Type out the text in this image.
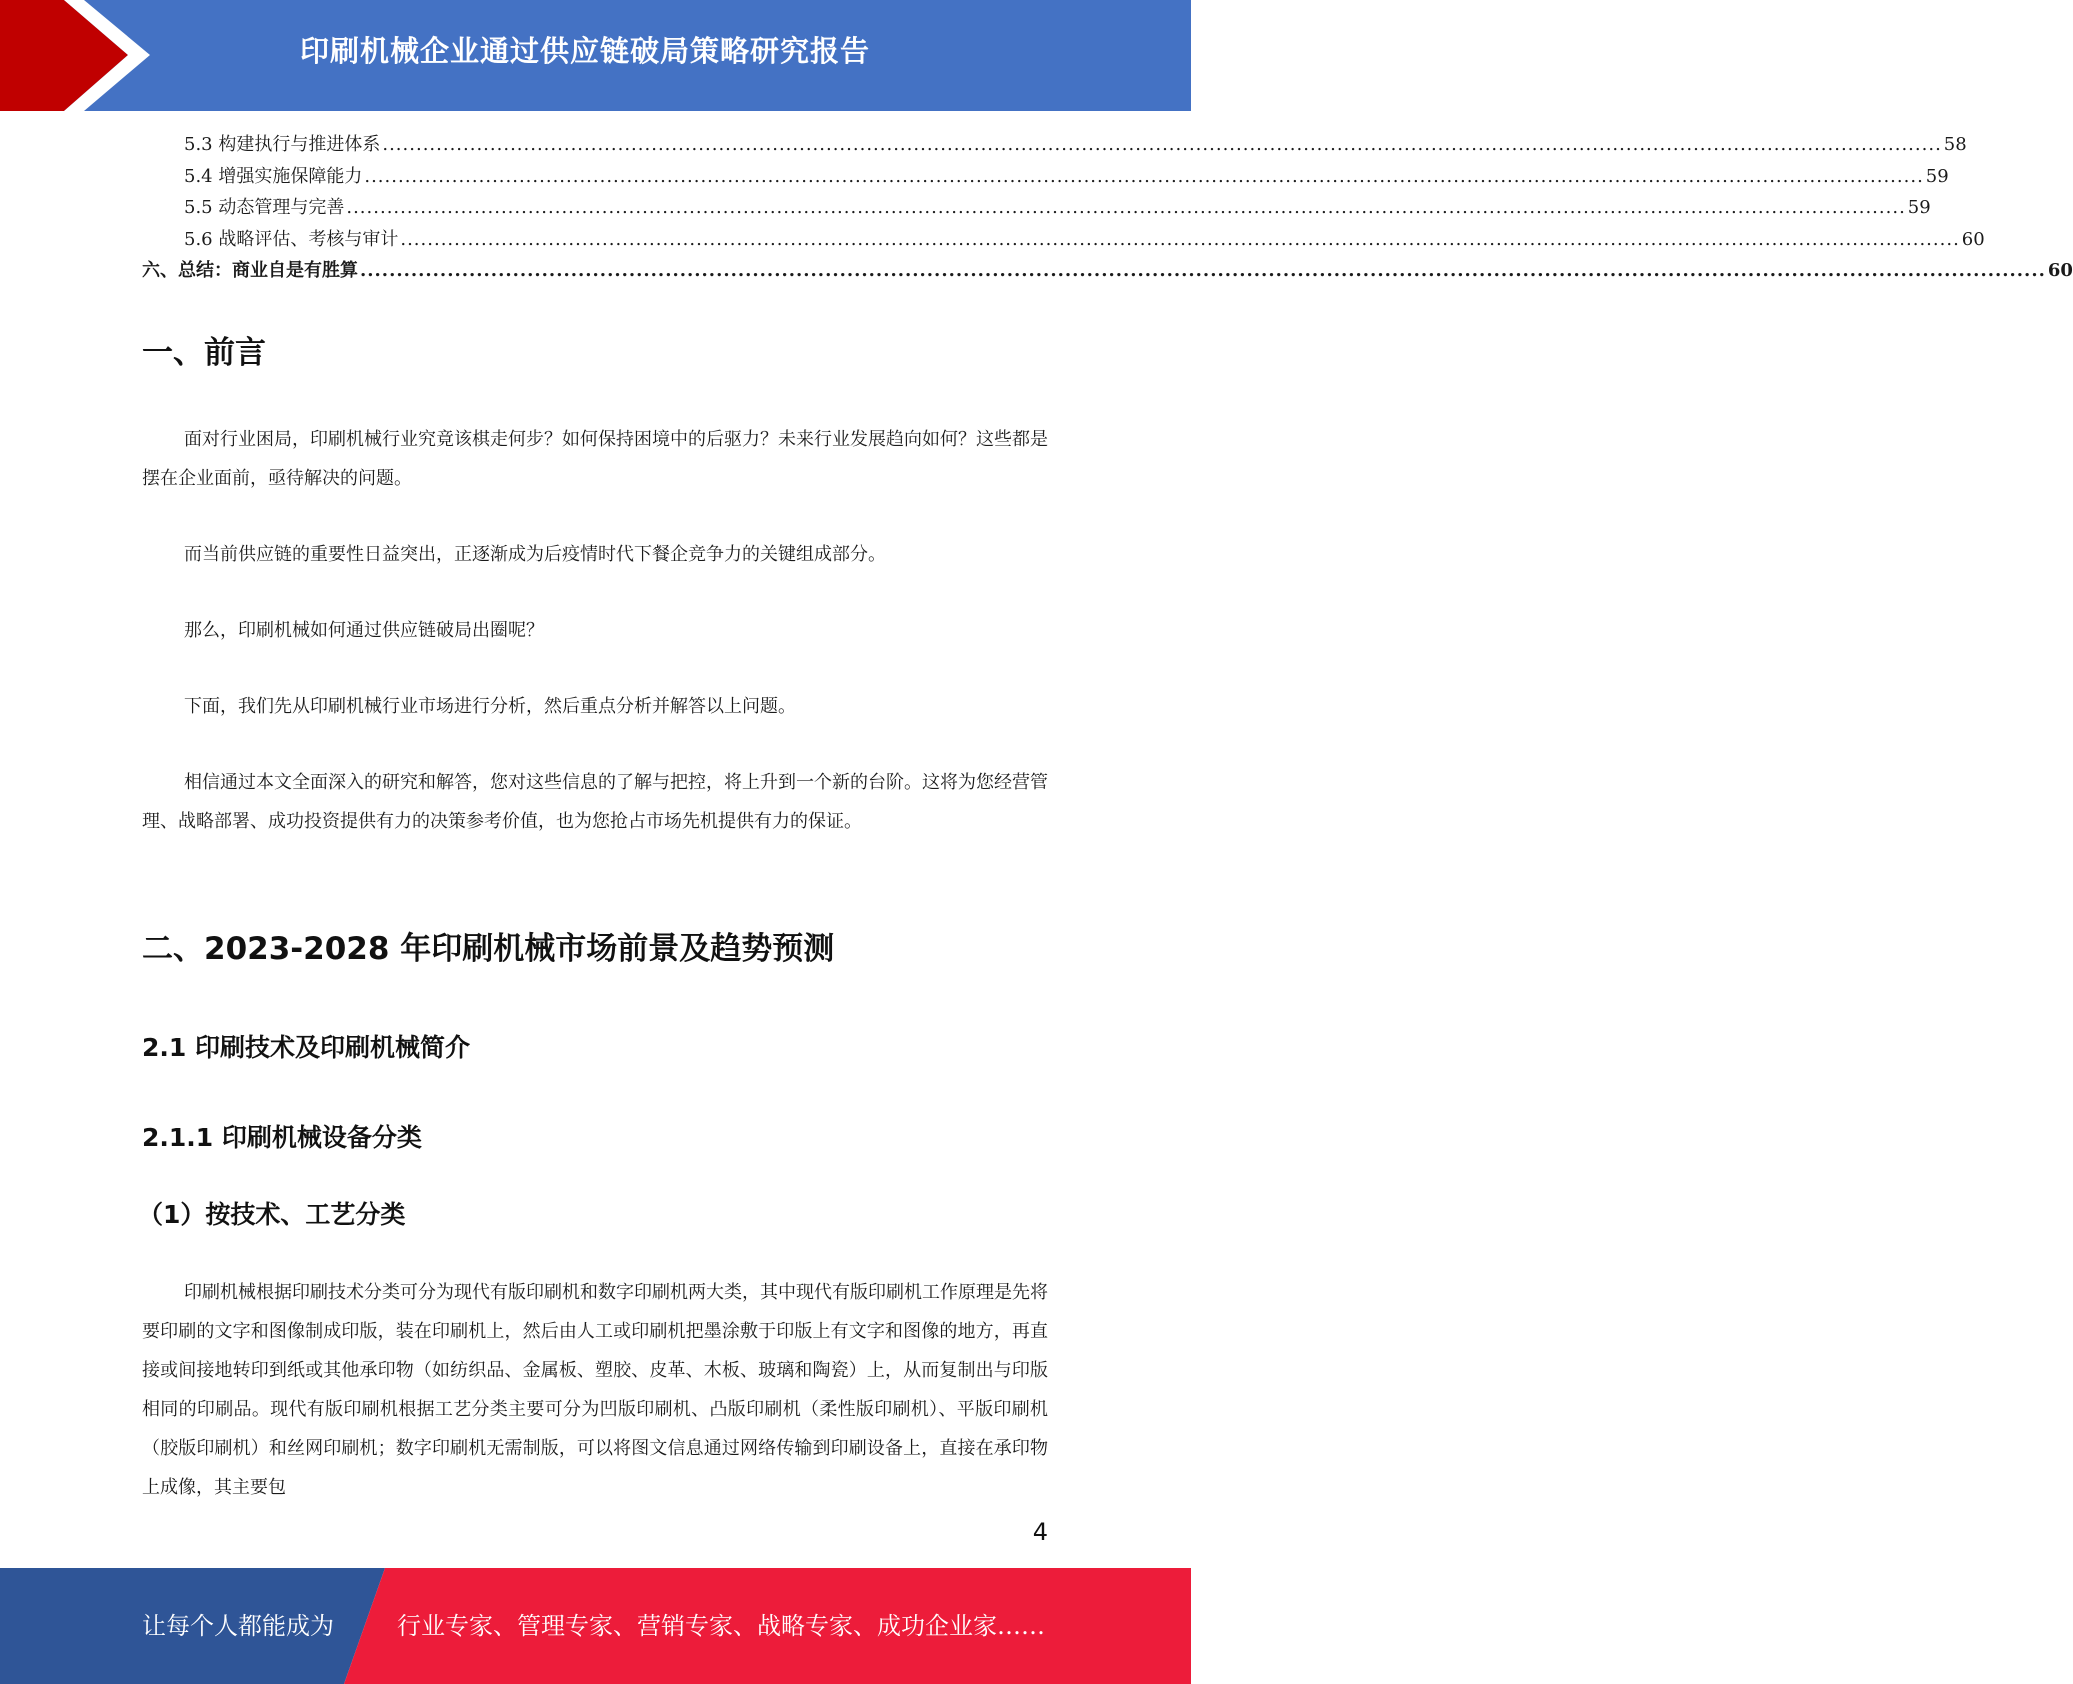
印刷机械企业通过供应链破局策略研究报告
5.3 构建执行与推进体系 ........................................................................................................................................................................................................................................ 58
5.4 增强实施保障能力 ........................................................................................................................................................................................................................................ 59
5.5 动态管理与完善 ........................................................................................................................................................................................................................................ 59
5.6 战略评估、考核与审计 ........................................................................................................................................................................................................................................ 60
六、总结：商业自是有胜算 ........................................................................................................................................................................................................................................ 60
一、前言

面对行业困局，印刷机械行业究竟该棋走何步？如何保持困境中的后驱力？未来行业发展趋向如何？这些都是摆在企业面前，亟待解决的问题。

而当前供应链的重要性日益突出，正逐渐成为后疫情时代下餐企竞争力的关键组成部分。

那么，印刷机械如何通过供应链破局出圈呢？

下面，我们先从印刷机械行业市场进行分析，然后重点分析并解答以上问题。

相信通过本文全面深入的研究和解答，您对这些信息的了解与把控，将上升到一个新的台阶。这将为您经营管理、战略部署、成功投资提供有力的决策参考价值，也为您抢占市场先机提供有力的保证。

二、2023-2028 年印刷机械市场前景及趋势预测
2.1 印刷技术及印刷机械简介
2.1.1 印刷机械设备分类
（1）按技术、工艺分类

印刷机械根据印刷技术分类可分为现代有版印刷机和数字印刷机两大类，其中现代有版印刷机工作原理是先将要印刷的文字和图像制成印版，装在印刷机上，然后由人工或印刷机把墨涂敷于印版上有文字和图像的地方，再直接或间接地转印到纸或其他承印物（如纺织品、金属板、塑胶、皮革、木板、玻璃和陶瓷）上，从而复制出与印版相同的印刷品。现代有版印刷机根据工艺分类主要可分为凹版印刷机、凸版印刷机（柔性版印刷机）、平版印刷机（胶版印刷机）和丝网印刷机；数字印刷机无需制版，可以将图文信息通过网络传输到印刷设备上，直接在承印物上成像，其主要包

4
让每个人都能成为	行业专家、管理专家、营销专家、战略专家、成功企业家……
